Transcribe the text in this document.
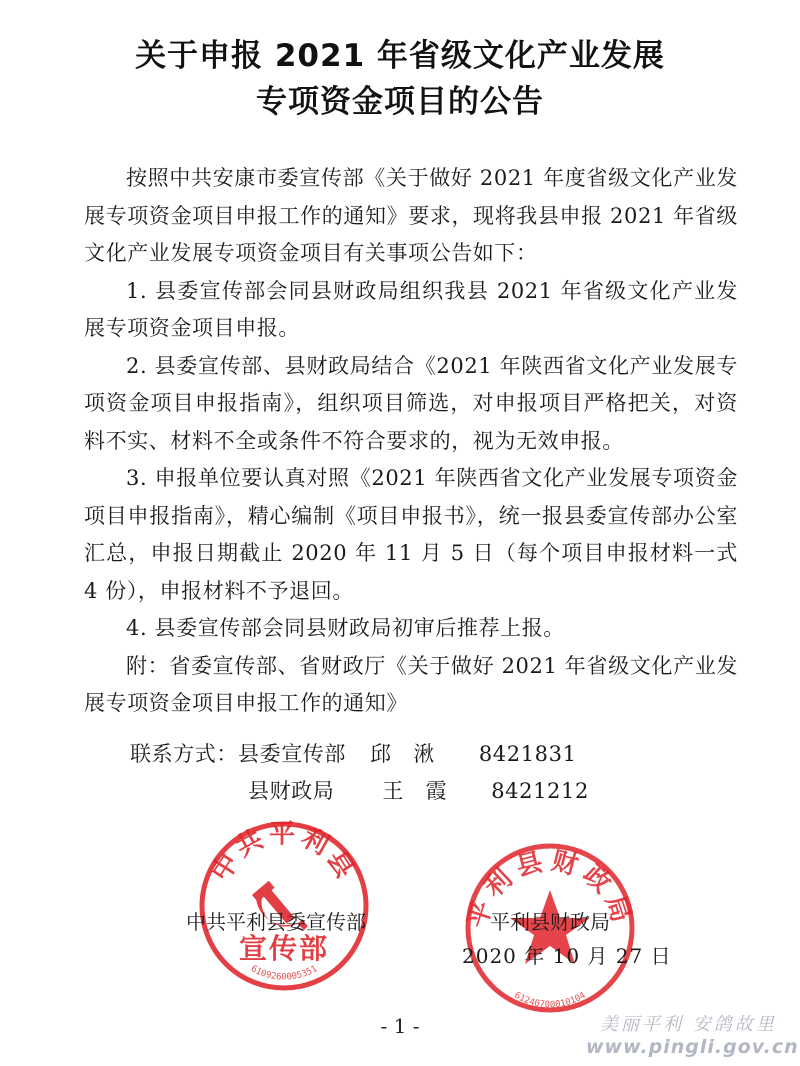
关于申报 2021 年省级文化产业发展
专项资金项目的公告

按照中共安康市委宣传部《关于做好 2021 年度省级文化产业发展专项资金项目申报工作的通知》要求，现将我县申报 2021 年省级文化产业发展专项资金项目有关事项公告如下：

1. 县委宣传部会同县财政局组织我县 2021 年省级文化产业发展专项资金项目申报。

2. 县委宣传部、县财政局结合《2021 年陕西省文化产业发展专项资金项目申报指南》，组织项目筛选，对申报项目严格把关，对资料不实、材料不全或条件不符合要求的，视为无效申报。

3. 申报单位要认真对照《2021 年陕西省文化产业发展专项资金项目申报指南》，精心编制《项目申报书》，统一报县委宣传部办公室汇总，申报日期截止 2020 年 11 月 5 日（每个项目申报材料一式 4 份），申报材料不予退回。

4. 县委宣传部会同县财政局初审后推荐上报。

附：省委宣传部、省财政厅《关于做好 2021 年省级文化产业发展专项资金项目申报工作的通知》

联系方式：县委宣传部 邱　湫 8421831
县财政局 王　霞 8421212
中共平利县
宣传部
6109260005351
平利县财政局
61240700010104
中共平利县委宣传部	平利县财政局
2020 年 10 月 27 日
- 1 -	美丽平利 安鸽故里
www.pingli.gov.cn
